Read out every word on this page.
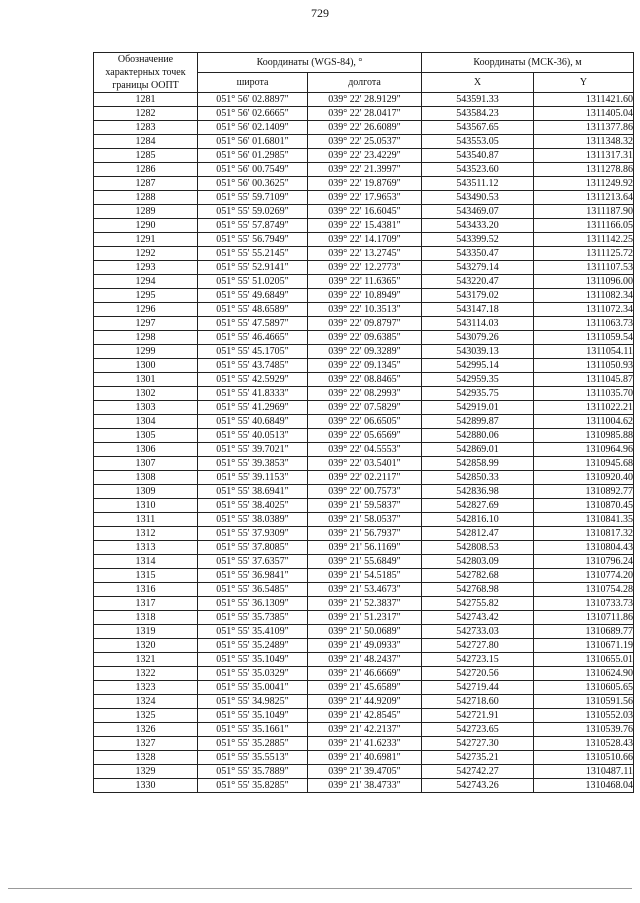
729
Обозначение характерных точек границы ООПТ	Координаты (WGS-84), °		Координаты (МСК-36), м	
	широта	долгота	X	Y
1281	051° 56' 02.8897"	039° 22' 28.9129"	543591.33	1311421.60
1282	051° 56' 02.6665"	039° 22' 28.0417"	543584.23	1311405.04
1283	051° 56' 02.1409"	039° 22' 26.6089"	543567.65	1311377.86
1284	051° 56' 01.6801"	039° 22' 25.0537"	543553.05	1311348.32
1285	051° 56' 01.2985"	039° 22' 23.4229"	543540.87	1311317.31
1286	051° 56' 00.7549"	039° 22' 21.3997"	543523.60	1311278.86
1287	051° 56' 00.3625"	039° 22' 19.8769"	543511.12	1311249.92
1288	051° 55' 59.7109"	039° 22' 17.9653"	543490.53	1311213.64
1289	051° 55' 59.0269"	039° 22' 16.6045"	543469.07	1311187.90
1290	051° 55' 57.8749"	039° 22' 15.4381"	543433.20	1311166.05
1291	051° 55' 56.7949"	039° 22' 14.1709"	543399.52	1311142.25
1292	051° 55' 55.2145"	039° 22' 13.2745"	543350.47	1311125.72
1293	051° 55' 52.9141"	039° 22' 12.2773"	543279.14	1311107.53
1294	051° 55' 51.0205"	039° 22' 11.6365"	543220.47	1311096.00
1295	051° 55' 49.6849"	039° 22' 10.8949"	543179.02	1311082.34
1296	051° 55' 48.6589"	039° 22' 10.3513"	543147.18	1311072.34
1297	051° 55' 47.5897"	039° 22' 09.8797"	543114.03	1311063.73
1298	051° 55' 46.4665"	039° 22' 09.6385"	543079.26	1311059.54
1299	051° 55' 45.1705"	039° 22' 09.3289"	543039.13	1311054.11
1300	051° 55' 43.7485"	039° 22' 09.1345"	542995.14	1311050.93
1301	051° 55' 42.5929"	039° 22' 08.8465"	542959.35	1311045.87
1302	051° 55' 41.8333"	039° 22' 08.2993"	542935.75	1311035.70
1303	051° 55' 41.2969"	039° 22' 07.5829"	542919.01	1311022.21
1304	051° 55' 40.6849"	039° 22' 06.6505"	542899.87	1311004.62
1305	051° 55' 40.0513"	039° 22' 05.6569"	542880.06	1310985.88
1306	051° 55' 39.7021"	039° 22' 04.5553"	542869.01	1310964.96
1307	051° 55' 39.3853"	039° 22' 03.5401"	542858.99	1310945.68
1308	051° 55' 39.1153"	039° 22' 02.2117"	542850.33	1310920.40
1309	051° 55' 38.6941"	039° 22' 00.7573"	542836.98	1310892.77
1310	051° 55' 38.4025"	039° 21' 59.5837"	542827.69	1310870.45
1311	051° 55' 38.0389"	039° 21' 58.0537"	542816.10	1310841.35
1312	051° 55' 37.9309"	039° 21' 56.7937"	542812.47	1310817.32
1313	051° 55' 37.8085"	039° 21' 56.1169"	542808.53	1310804.43
1314	051° 55' 37.6357"	039° 21' 55.6849"	542803.09	1310796.24
1315	051° 55' 36.9841"	039° 21' 54.5185"	542782.68	1310774.20
1316	051° 55' 36.5485"	039° 21' 53.4673"	542768.98	1310754.28
1317	051° 55' 36.1309"	039° 21' 52.3837"	542755.82	1310733.73
1318	051° 55' 35.7385"	039° 21' 51.2317"	542743.42	1310711.86
1319	051° 55' 35.4109"	039° 21' 50.0689"	542733.03	1310689.77
1320	051° 55' 35.2489"	039° 21' 49.0933"	542727.80	1310671.19
1321	051° 55' 35.1049"	039° 21' 48.2437"	542723.15	1310655.01
1322	051° 55' 35.0329"	039° 21' 46.6669"	542720.56	1310624.90
1323	051° 55' 35.0041"	039° 21' 45.6589"	542719.44	1310605.65
1324	051° 55' 34.9825"	039° 21' 44.9209"	542718.60	1310591.56
1325	051° 55' 35.1049"	039° 21' 42.8545"	542721.91	1310552.03
1326	051° 55' 35.1661"	039° 21' 42.2137"	542723.65	1310539.76
1327	051° 55' 35.2885"	039° 21' 41.6233"	542727.30	1310528.43
1328	051° 55' 35.5513"	039° 21' 40.6981"	542735.21	1310510.66
1329	051° 55' 35.7889"	039° 21' 39.4705"	542742.27	1310487.11
1330	051° 55' 35.8285"	039° 21' 38.4733"	542743.26	1310468.04
